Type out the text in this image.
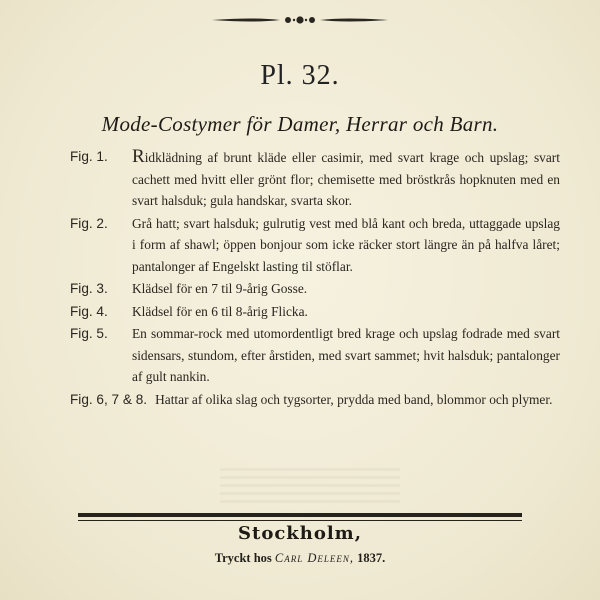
Pl. 32.
Mode-Costymer för Damer, Herrar och Barn.
Fig. 1.	Ridklädning af brunt kläde eller casimir, med svart krage och upslag; svart cachett med hvitt eller grönt flor; chemisette med bröstkrås hopknuten med en svart halsduk; gula handskar, svarta skor.
Fig. 2.	Grå hatt; svart halsduk; gulrutig vest med blå kant och breda, uttaggade upslag i form af shawl; öppen bonjour som icke räcker stort längre än på halfva låret; pantalonger af Engelskt lasting til stöflar.
Fig. 3.	Klädsel för en 7 til 9-årig Gosse.
Fig. 4.	Klädsel för en 6 til 8-årig Flicka.
Fig. 5.	En sommar-rock med utomordentligt bred krage och upslag fodrade med svart sidensars, stundom, efter årstiden, med svart sammet; hvit halsduk; pantalonger af gult nankin.
Fig. 6, 7 & 8. Hattar af olika slag och tygsorter, prydda med band, blommor och plymer.
Stockholm,
Tryckt hos Carl Deleen, 1837.
